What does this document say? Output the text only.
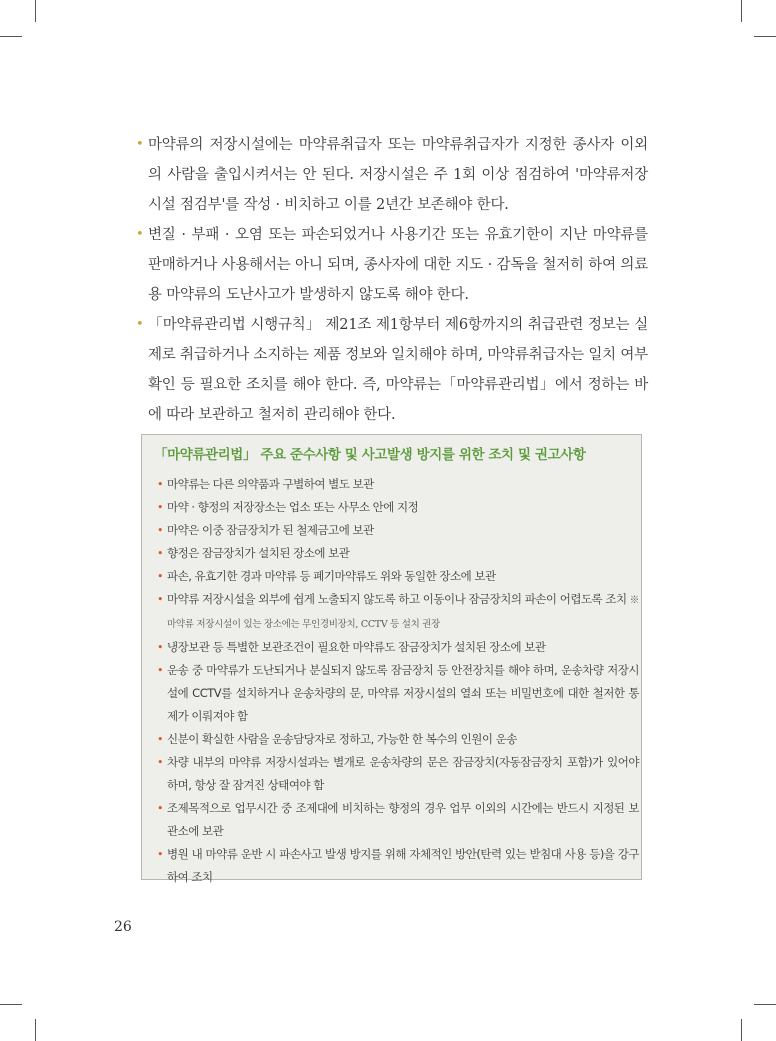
• 마약류의 저장시설에는 마약류취급자 또는 마약류취급자가 지정한 종사자 이외의 사람을 출입시켜서는 안 된다. 저장시설은 주 1회 이상 점검하여 '마약류저장시설 점검부'를 작성 · 비치하고 이를 2년간 보존해야 한다.
• 변질 · 부패 · 오염 또는 파손되었거나 사용기간 또는 유효기한이 지난 마약류를 판매하거나 사용해서는 아니 되며, 종사자에 대한 지도 · 감독을 철저히 하여 의료용 마약류의 도난사고가 발생하지 않도록 해야 한다.
• 「마약류관리법 시행규칙」 제21조 제1항부터 제6항까지의 취급관련 정보는 실제로 취급하거나 소지하는 제품 정보와 일치해야 하며, 마약류취급자는 일치 여부 확인 등 필요한 조치를 해야 한다. 즉, 마약류는「마약류관리법」에서 정하는 바에 따라 보관하고 철저히 관리해야 한다.
「마약류관리법」 주요 준수사항 및 사고발생 방지를 위한 조치 및 권고사항
• 마약류는 다른 의약품과 구별하여 별도 보관
• 마약 · 향정의 저장장소는 업소 또는 사무소 안에 지정
• 마약은 이중 잠금장치가 된 철제금고에 보관
• 향정은 잠금장치가 설치된 장소에 보관
• 파손, 유효기한 경과 마약류 등 폐기마약류도 위와 동일한 장소에 보관
• 마약류 저장시설을 외부에 쉽게 노출되지 않도록 하고 이동이나 잠금장치의 파손이 어렵도록 조치 ※ 마약류 저장시설이 있는 장소에는 무인경비장치, CCTV 등 설치 권장
• 냉장보관 등 특별한 보관조건이 필요한 마약류도 잠금장치가 설치된 장소에 보관
• 운송 중 마약류가 도난되거나 분실되지 않도록 잠금장치 등 안전장치를 해야 하며, 운송차량 저장시설에 CCTV를 설치하거나 운송차량의 문, 마약류 저장시설의 열쇠 또는 비밀번호에 대한 철저한 통제가 이뤄져야 함
• 신분이 확실한 사람을 운송담당자로 정하고, 가능한 한 복수의 인원이 운송
• 차량 내부의 마약류 저장시설과는 별개로 운송차량의 문은 잠금장치(자동잠금장치 포함)가 있어야 하며, 항상 잘 잠겨진 상태여야 함
• 조제목적으로 업무시간 중 조제대에 비치하는 향정의 경우 업무 이외의 시간에는 반드시 지정된 보관소에 보관
• 병원 내 마약류 운반 시 파손사고 발생 방지를 위해 자체적인 방안(탄력 있는 받침대 사용 등)을 강구하여 조치
26
